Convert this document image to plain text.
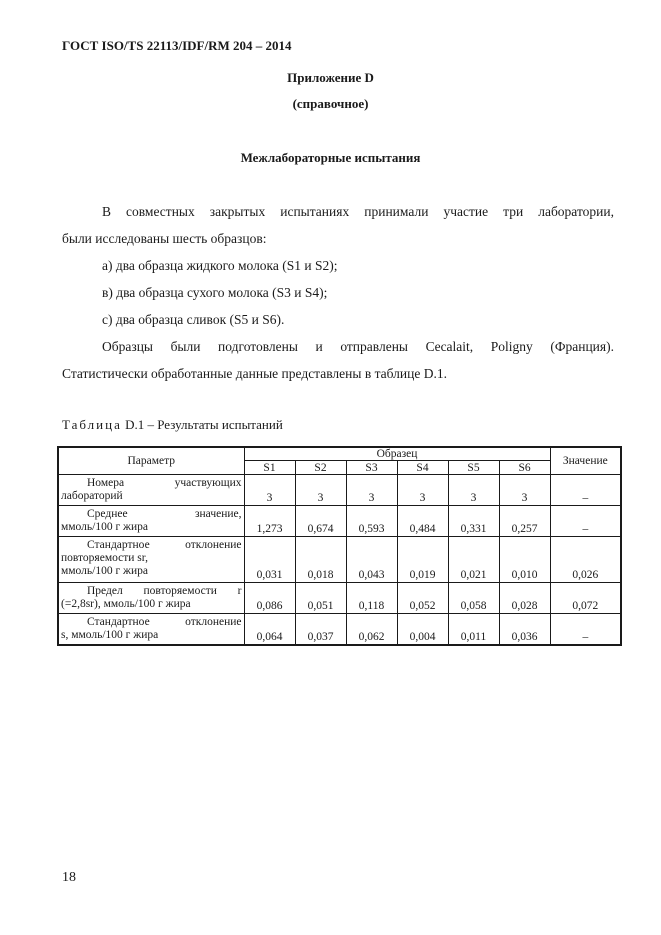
ГОСТ ISO/TS 22113/IDF/RM 204 – 2014
Приложение D
(справочное)
Межлабораторные испытания
В совместных закрытых испытаниях принимали участие три лаборатории,
были исследованы шесть образцов:
а) два образца жидкого молока (S1 и S2);
в) два образца сухого молока (S3 и S4);
с) два образца сливок (S5 и S6).
Образцы были подготовлены и отправлены Cecalait, Poligny (Франция).
Статистически обработанные данные представлены в таблице D.1.
Таблица D.1 – Результаты испытаний
Параметр	Образец						Значение
	S1	S2	S3	S4	S5	S6	

Номера участвующих
лабораторий	3	3	3	3	3	3	–

Среднее значение,
ммоль/100 г жира	1,273	0,674	0,593	0,484	0,331	0,257	–

Стандартное отклонение
повторяемости sr,
ммоль/100 г жира	0,031	0,018	0,043	0,019	0,021	0,010	0,026

Предел повторяемости r
(=2,8sr), ммоль/100 г жира	0,086	0,051	0,118	0,052	0,058	0,028	0,072

Стандартное отклонение
s, ммоль/100 г жира	0,064	0,037	0,062	0,004	0,011	0,036	–
18
